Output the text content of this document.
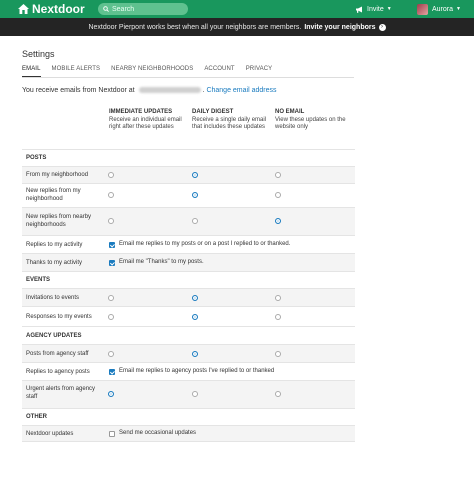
Nextdoor	Search	Invite ▼	Aurora ▼
Nextdoor Pierpont works best when all your neighbors are members. Invite your neighbors ›
Settings
EMAIL MOBILE ALERTS NEARBY NEIGHBORHOODS ACCOUNT PRIVACY
You receive emails from Nextdoor at	. Change email address
IMMEDIATE UPDATES
Receive an individual email right after these updates
DAILY DIGEST
Receive a single daily email that includes these updates
NO EMAIL
View these updates on the website only
POSTS
From my neighborhood
New replies from my neighborhood
New replies from nearby neighborhoods
Replies to my activity	Email me replies to my posts or on a post I replied to or thanked.
Thanks to my activity	Email me "Thanks" to my posts.
EVENTS
Invitations to events
Responses to my events
AGENCY UPDATES
Posts from agency staff
Replies to agency posts	Email me replies to agency posts I've replied to or thanked
Urgent alerts from agency staff
OTHER
Nextdoor updates	Send me occasional updates
